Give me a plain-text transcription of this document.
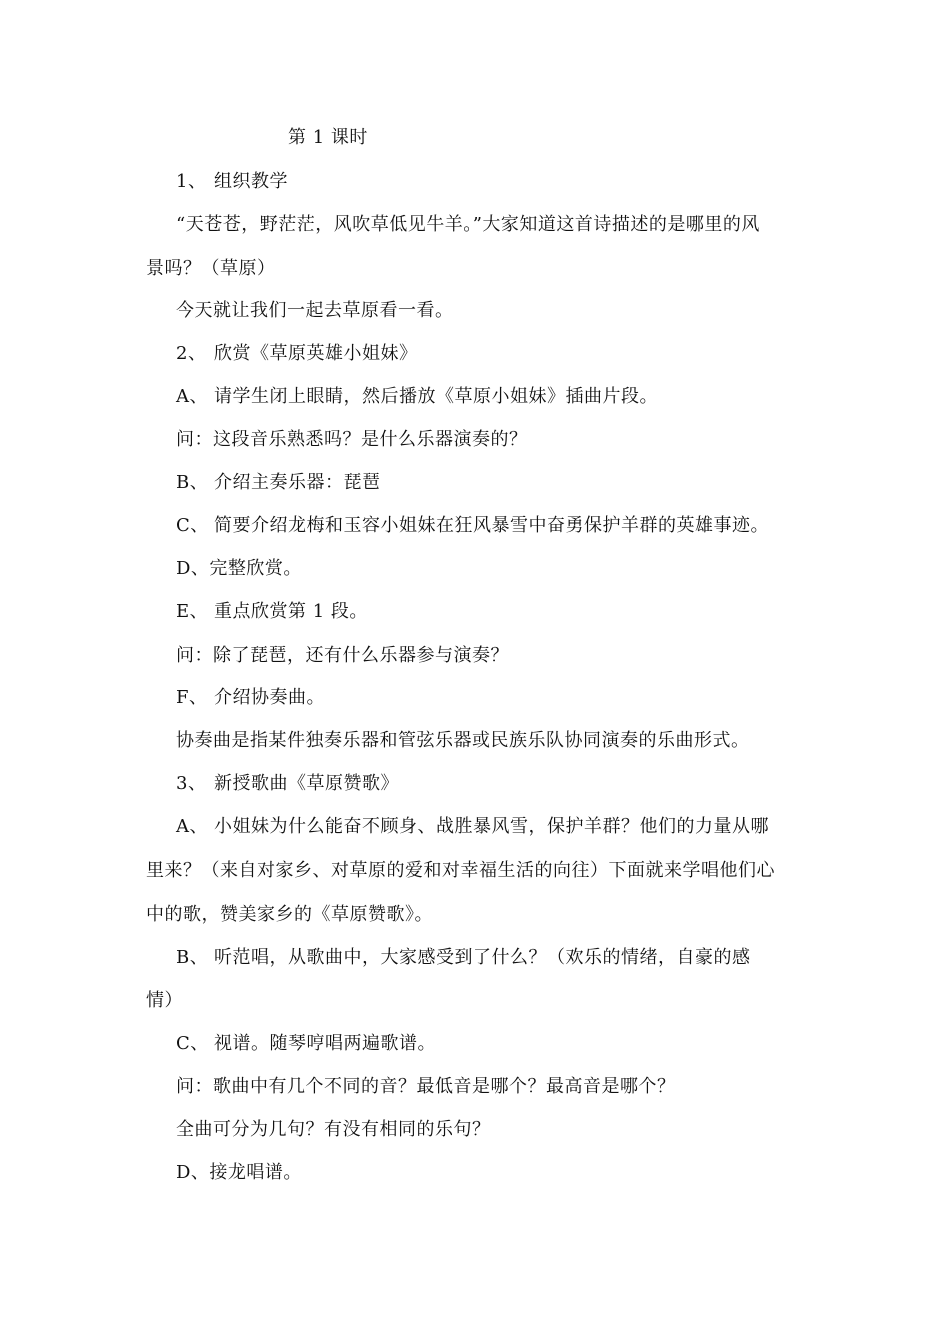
第 1 课时
1、 组织教学
“天苍苍，野茫茫，风吹草低见牛羊。”大家知道这首诗描述的是哪里的风
景吗？（草原）
今天就让我们一起去草原看一看。
2、 欣赏《草原英雄小姐妹》
A、 请学生闭上眼睛，然后播放《草原小姐妹》插曲片段。
问：这段音乐熟悉吗？是什么乐器演奏的？
B、 介绍主奏乐器：琵琶
C、 简要介绍龙梅和玉容小姐妹在狂风暴雪中奋勇保护羊群的英雄事迹。
D、完整欣赏。
E、 重点欣赏第 1 段。
问：除了琵琶，还有什么乐器参与演奏？
F、 介绍协奏曲。
协奏曲是指某件独奏乐器和管弦乐器或民族乐队协同演奏的乐曲形式。
3、 新授歌曲《草原赞歌》
A、 小姐妹为什么能奋不顾身、战胜暴风雪，保护羊群？他们的力量从哪
里来？（来自对家乡、对草原的爱和对幸福生活的向往）下面就来学唱他们心
中的歌，赞美家乡的《草原赞歌》。
B、 听范唱，从歌曲中，大家感受到了什么？（欢乐的情绪，自豪的感
情）
C、 视谱。随琴哼唱两遍歌谱。
问：歌曲中有几个不同的音？最低音是哪个？最高音是哪个？
全曲可分为几句？有没有相同的乐句？
D、接龙唱谱。
